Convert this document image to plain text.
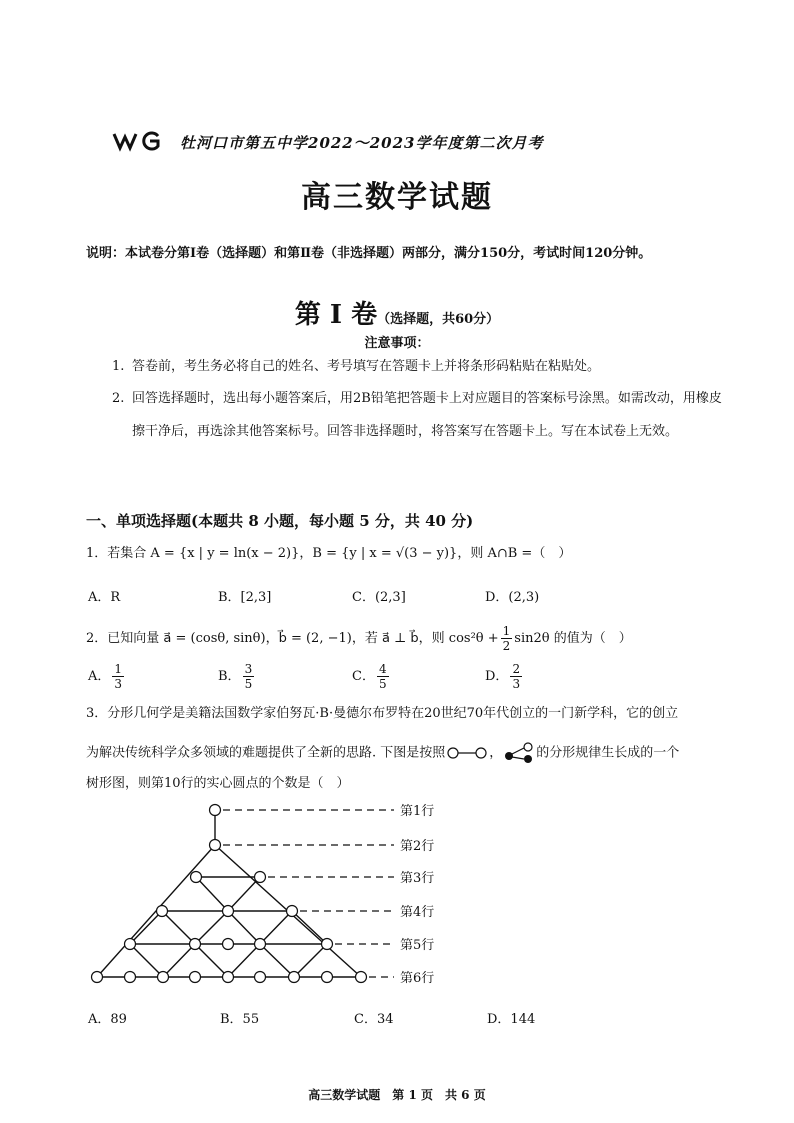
牡河口市第五中学2022～2023学年度第二次月考
高三数学试题
说明：本试卷分第Ⅰ卷（选择题）和第Ⅱ卷（非选择题）两部分，满分150分，考试时间120分钟。
第 Ⅰ 卷（选择题，共60分）
注意事项：
1. 答卷前，考生务必将自己的姓名、考号填写在答题卡上并将条形码粘贴在粘贴处。
2. 回答选择题时，选出每小题答案后，用2B铅笔把答题卡上对应题目的答案标号涂黑。如需改动，用橡皮擦干净后，再选涂其他答案标号。回答非选择题时，将答案写在答题卡上。写在本试卷上无效。
一、单项选择题(本题共 8 小题，每小题 5 分，共 40 分)
1．若集合 A = {x | y = ln(x − 2)}，B = {y | x = √(3 − y)}，则 A∩B =（　）
A．R	B．[2,3]	C．(2,3]	D．(2,3)
2．已知向量 a⃗ = (cosθ, sinθ)，b⃗ = (2, −1)，若 a⃗ ⊥ b⃗，则 $\cos^2\theta + \frac{1}{2} \sin 2\theta$ 的值为（　）
A． $\frac{1}{3}$	B． $\frac{3}{5}$	C． $\frac{4}{5}$	D． $\frac{2}{3}$
3．分形几何学是美籍法国数学家伯努瓦·B·曼德尔布罗特在20世纪70年代创立的一门新学科，它的创立
为解决传统科学众多领域的难题提供了全新的思路. 下图是按照	，	的分形规律生长成的一个
树形图，则第10行的实心圆点的个数是（　）
第1行
第2行
第3行
第4行
第5行
第6行
A．89	B．55	C．34	D．144
高三数学试题　第 1 页　共 6 页
